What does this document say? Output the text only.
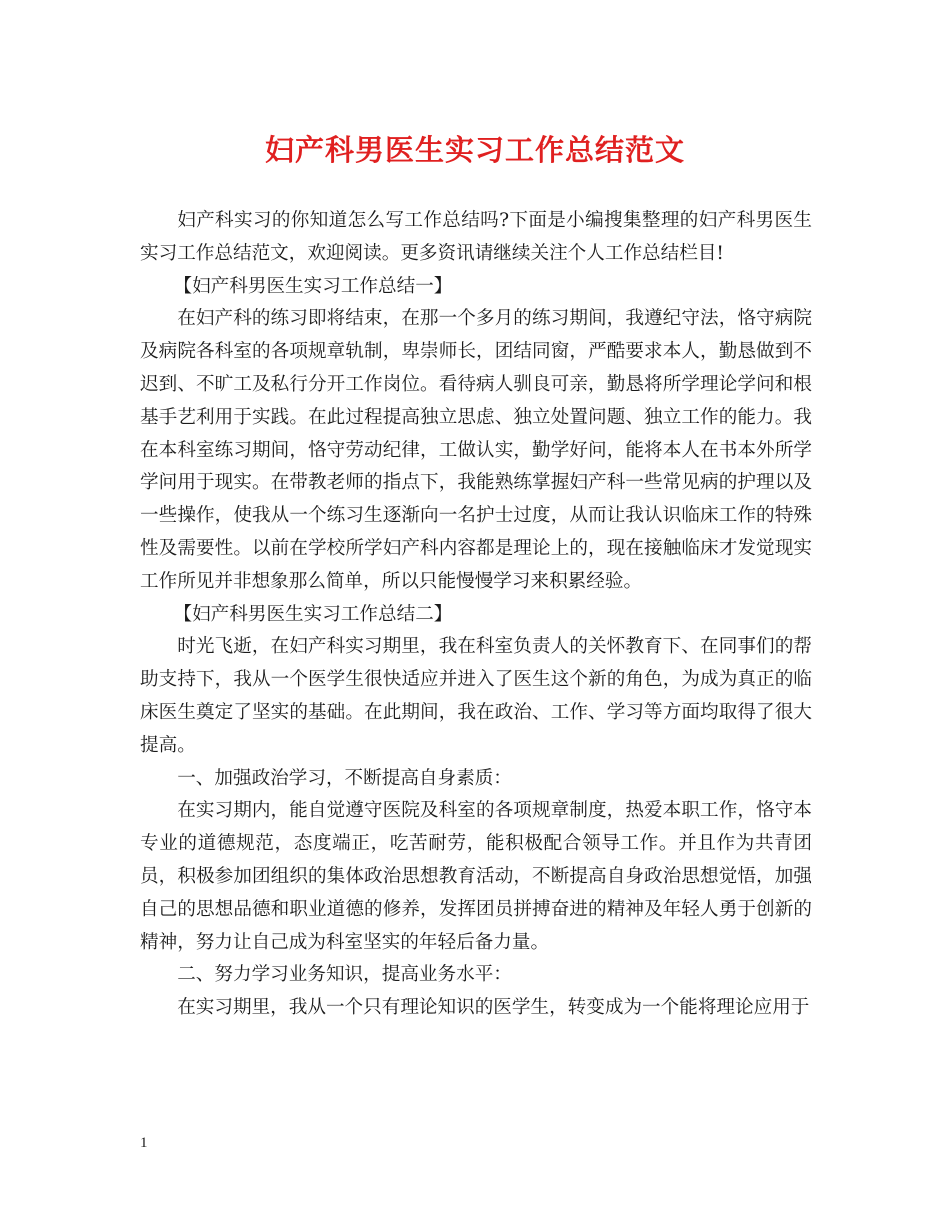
妇产科男医生实习工作总结范文

妇产科实习的你知道怎么写工作总结吗?下面是小编搜集整理的妇产科男医生实习工作总结范文，欢迎阅读。更多资讯请继续关注个人工作总结栏目!

【妇产科男医生实习工作总结一】

在妇产科的练习即将结束，在那一个多月的练习期间，我遵纪守法，恪守病院及病院各科室的各项规章轨制，卑崇师长，团结同窗，严酷要求本人，勤恳做到不迟到、不旷工及私行分开工作岗位。看待病人驯良可亲，勤恳将所学理论学问和根基手艺利用于实践。在此过程提高独立思虑、独立处置问题、独立工作的能力。我在本科室练习期间，恪守劳动纪律，工做认实，勤学好问，能将本人在书本外所学学问用于现实。在带教老师的指点下，我能熟练掌握妇产科一些常见病的护理以及一些操作，使我从一个练习生逐渐向一名护士过度，从而让我认识临床工作的特殊性及需要性。以前在学校所学妇产科内容都是理论上的，现在接触临床才发觉现实工作所见并非想象那么简单，所以只能慢慢学习来积累经验。

【妇产科男医生实习工作总结二】

时光飞逝，在妇产科实习期里，我在科室负责人的关怀教育下、在同事们的帮助支持下，我从一个医学生很快适应并进入了医生这个新的角色，为成为真正的临床医生奠定了坚实的基础。在此期间，我在政治、工作、学习等方面均取得了很大提高。

一、加强政治学习，不断提高自身素质：

在实习期内，能自觉遵守医院及科室的各项规章制度，热爱本职工作，恪守本专业的道德规范，态度端正，吃苦耐劳，能积极配合领导工作。并且作为共青团员，积极参加团组织的集体政治思想教育活动，不断提高自身政治思想觉悟，加强自己的思想品德和职业道德的修养，发挥团员拼搏奋进的精神及年轻人勇于创新的精神，努力让自己成为科室坚实的年轻后备力量。

二、努力学习业务知识，提高业务水平：

在实习期里，我从一个只有理论知识的医学生，转变成为一个能将理论应用于

1
